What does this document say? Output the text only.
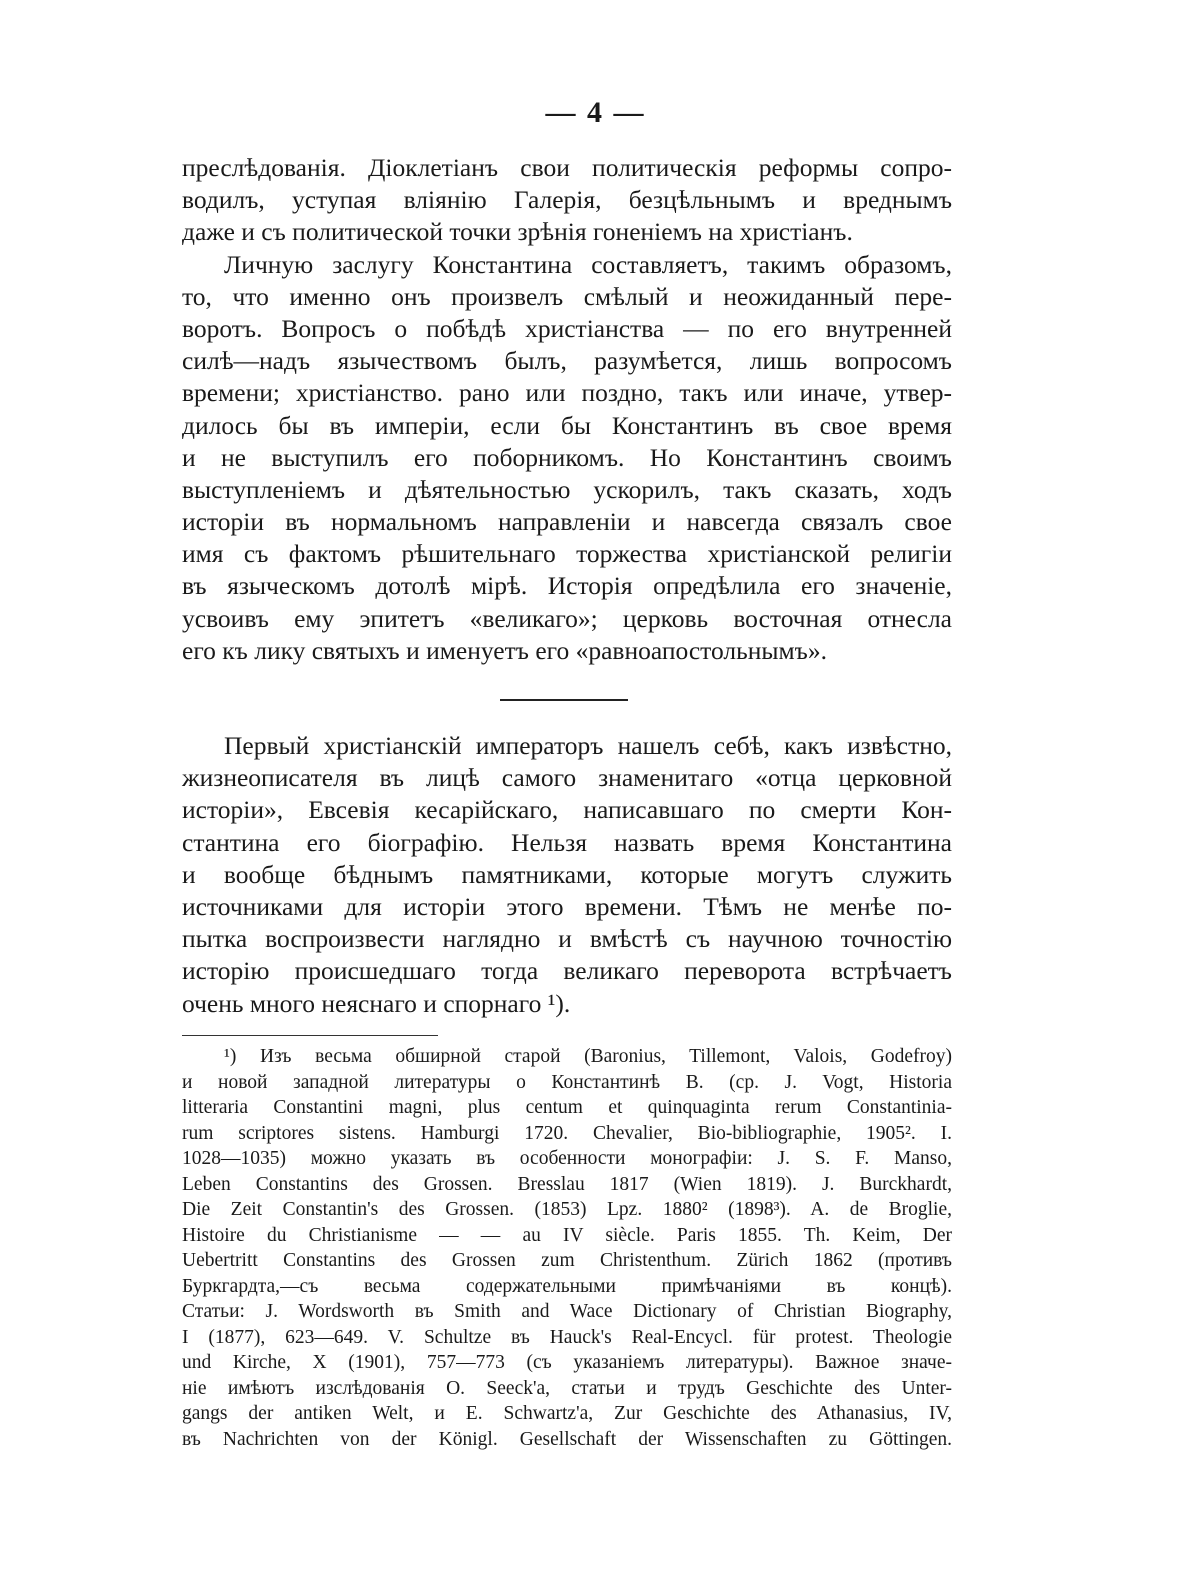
— 4 —
преслѣдованія. Діоклетіанъ свои политическія реформы сопро-
водилъ, уступая вліянію Галерія, безцѣльнымъ и вреднымъ
даже и съ политической точки зрѣнія гоненіемъ на христіанъ.
Личную заслугу Константина составляетъ, такимъ образомъ,
то, что именно онъ произвелъ смѣлый и неожиданный пере-
воротъ. Вопросъ о побѣдѣ христіанства — по его внутренней
силѣ—надъ язычествомъ былъ, разумѣется, лишь вопросомъ
времени; христіанство. рано или поздно, такъ или иначе, утвер-
дилось бы въ имперіи, если бы Константинъ въ свое время
и не выступилъ его поборникомъ. Но Константинъ своимъ
выступленіемъ и дѣятельностью ускорилъ, такъ сказать, ходъ
исторіи въ нормальномъ направленіи и навсегда связалъ свое
имя съ фактомъ рѣшительнаго торжества христіанской религіи
въ языческомъ дотолѣ мірѣ. Исторія опредѣлила его значеніе,
усвоивъ ему эпитетъ «великаго»; церковь восточная отнесла
его къ лику святыхъ и именуетъ его «равноапостольнымъ».
Первый христіанскій императоръ нашелъ себѣ, какъ извѣстно,
жизнеописателя въ лицѣ самого знаменитаго «отца церковной
исторіи», Евсевія кесарійскаго, написавшаго по смерти Кон-
стантина его біографію. Нельзя назвать время Константина
и вообще бѣднымъ памятниками, которые могутъ служить
источниками для исторіи этого времени. Тѣмъ не менѣе по-
пытка воспроизвести наглядно и вмѣстѣ съ научною точностію
исторію происшедшаго тогда великаго переворота встрѣчаетъ
очень много неяснаго и спорнаго ¹).
¹) Изъ весьма обширной старой (Baronius, Tillemont, Valois, Godefroy)
и новой западной литературы о Константинѣ В. (ср. J. Vogt, Historia
litteraria Constantini magni, plus centum et quinquaginta rerum Constantinia-
rum scriptores sistens. Hamburgi 1720. Chevalier, Bio-bibliographie, 1905². I.
1028—1035) можно указать въ особенности монографіи: J. S. F. Manso,
Leben Constantins des Grossen. Bresslau 1817 (Wien 1819). J. Burckhardt,
Die Zeit Constantin's des Grossen. (1853) Lpz. 1880² (1898³). A. de Broglie,
Histoire du Christianisme — — au IV siècle. Paris 1855. Th. Keim, Der
Uebertritt Constantins des Grossen zum Christenthum. Zürich 1862 (противъ
Буркгардта,—съ весьма содержательными примѣчаніями въ концѣ).
Статьи: J. Wordsworth въ Smith and Wace Dictionary of Christian Biography,
I (1877), 623—649. V. Schultze въ Hauck's Real-Encycl. für protest. Theologie
und Kirche, X (1901), 757—773 (съ указаніемъ литературы). Важное значе-
ніе имѣютъ изслѣдованія O. Seeck'а, статьи и трудъ Geschichte des Unter-
gangs der antiken Welt, и E. Schwartz'а, Zur Geschichte des Athanasius, IV,
въ Nachrichten von der Königl. Gesellschaft der Wissenschaften zu Göttingen.
